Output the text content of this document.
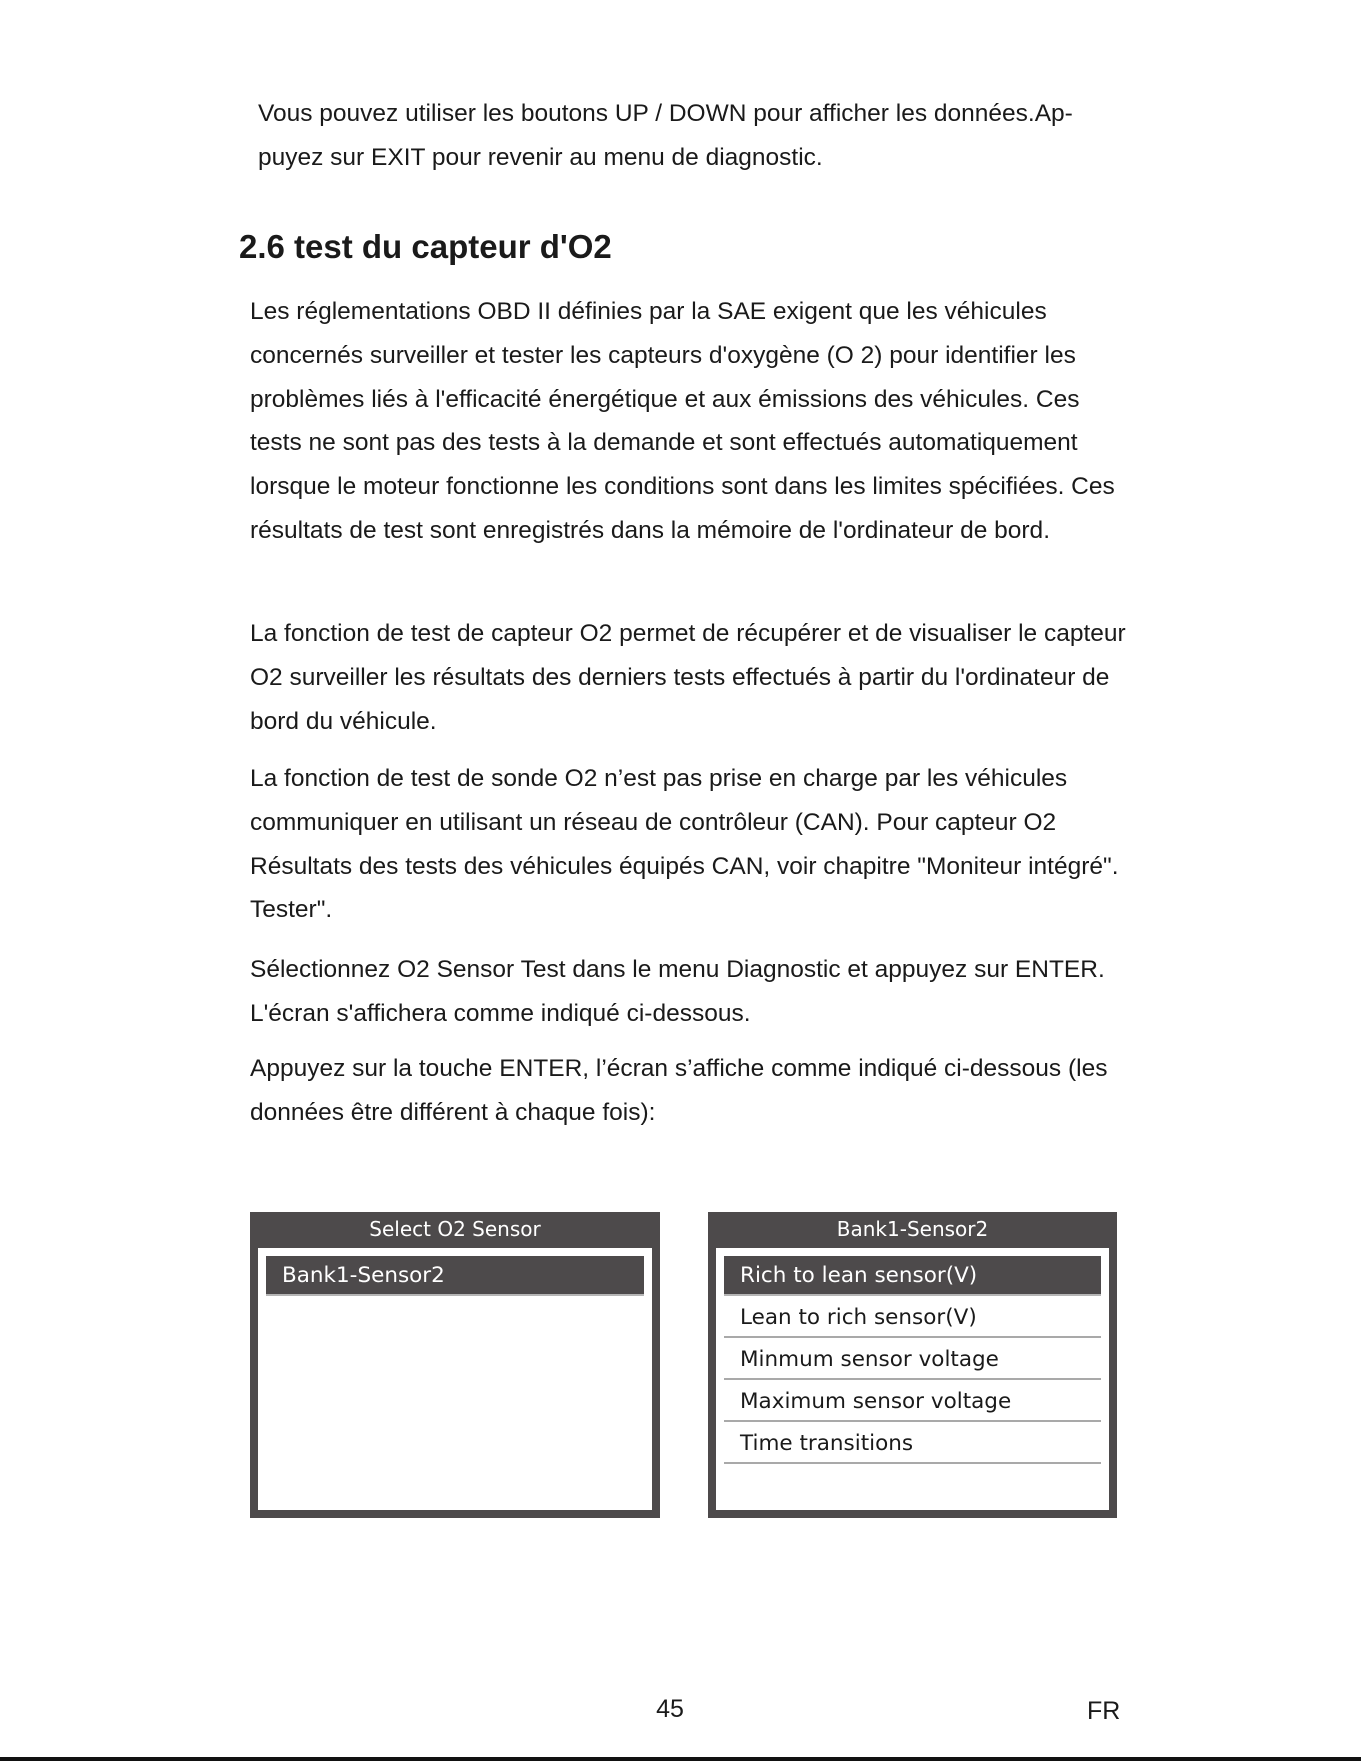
Vous pouvez utiliser les boutons UP / DOWN pour afficher les données.Ap-puyez sur EXIT pour revenir au menu de diagnostic.

2.6 test du capteur d'O2

Les réglementations OBD II définies par la SAE exigent que les véhicules concernés surveiller et tester les capteurs d'oxygène (O 2) pour identifier les problèmes liés à l'efficacité énergétique et aux émissions des véhicules. Ces tests ne sont pas des tests à la demande et sont effectués automatiquement lorsque le moteur fonctionne les conditions sont dans les limites spécifiées. Ces résultats de test sont enregistrés dans la mémoire de l'ordinateur de bord.

La fonction de test de capteur O2 permet de récupérer et de visualiser le capteur O2 surveiller les résultats des derniers tests effectués à partir du l'ordinateur de bord du véhicule.

La fonction de test de sonde O2 n’est pas prise en charge par les véhicules communiquer en utilisant un réseau de contrôleur (CAN). Pour capteur O2 Résultats des tests des véhicules équipés CAN, voir chapitre "Moniteur intégré". Tester".

Sélectionnez O2 Sensor Test dans le menu Diagnostic et appuyez sur ENTER. L'écran s'affichera comme indiqué ci-dessous.

Appuyez sur la touche ENTER, l’écran s’affiche comme indiqué ci-dessous (les données être différent à chaque fois):

Select O2 Sensor
Bank1-Sensor2
Bank1-Sensor2
Rich to lean sensor(V)
Lean to rich sensor(V)
Minmum sensor voltage
Maximum sensor voltage
Time transitions

45	FR
